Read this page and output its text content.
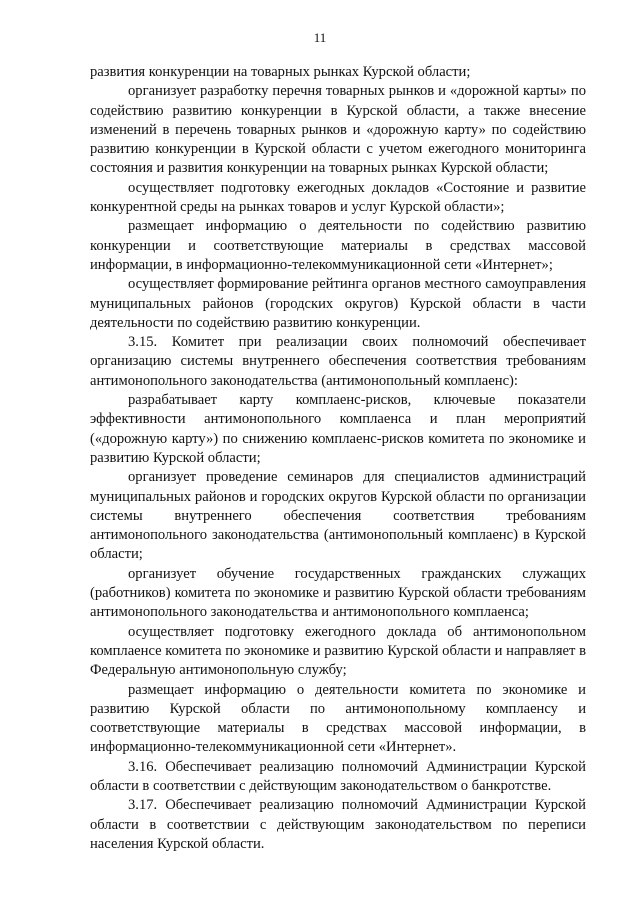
11

развития конкуренции на товарных рынках Курской области;

организует разработку перечня товарных рынков и «дорожной карты» по содействию развитию конкуренции в Курской области, а также внесение изменений в перечень товарных рынков и «дорожную карту» по содействию развитию конкуренции в Курской области с учетом ежегодного мониторинга состояния и развития конкуренции на товарных рынках Курской области;

осуществляет подготовку ежегодных докладов «Состояние и развитие конкурентной среды на рынках товаров и услуг Курской области»;

размещает информацию о деятельности по содействию развитию конкуренции и соответствующие материалы в средствах массовой информации, в информационно-телекоммуникационной сети «Интернет»;

осуществляет формирование рейтинга органов местного самоуправления муниципальных районов (городских округов) Курской области в части деятельности по содействию развитию конкуренции.

3.15. Комитет при реализации своих полномочий обеспечивает организацию системы внутреннего обеспечения соответствия требованиям антимонопольного законодательства (антимонопольный комплаенс):

разрабатывает карту комплаенс-рисков, ключевые показатели эффективности антимонопольного комплаенса и план мероприятий («дорожную карту») по снижению комплаенс-рисков комитета по экономике и развитию Курской области;

организует проведение семинаров для специалистов администраций муниципальных районов и городских округов Курской области по организации системы внутреннего обеспечения соответствия требованиям антимонопольного законодательства (антимонопольный комплаенс) в Курской области;

организует обучение государственных гражданских служащих (работников) комитета по экономике и развитию Курской области требованиям антимонопольного законодательства и антимонопольного комплаенса;

осуществляет подготовку ежегодного доклада об антимонопольном комплаенсе комитета по экономике и развитию Курской области и направляет в Федеральную антимонопольную службу;

размещает информацию о деятельности комитета по экономике и развитию Курской области по антимонопольному комплаенсу и соответствующие материалы в средствах массовой информации, в информационно-телекоммуникационной сети «Интернет».

3.16. Обеспечивает реализацию полномочий Администрации Курской области в соответствии с действующим законодательством о банкротстве.

3.17. Обеспечивает реализацию полномочий Администрации Курской области в соответствии с действующим законодательством по переписи населения Курской области.
